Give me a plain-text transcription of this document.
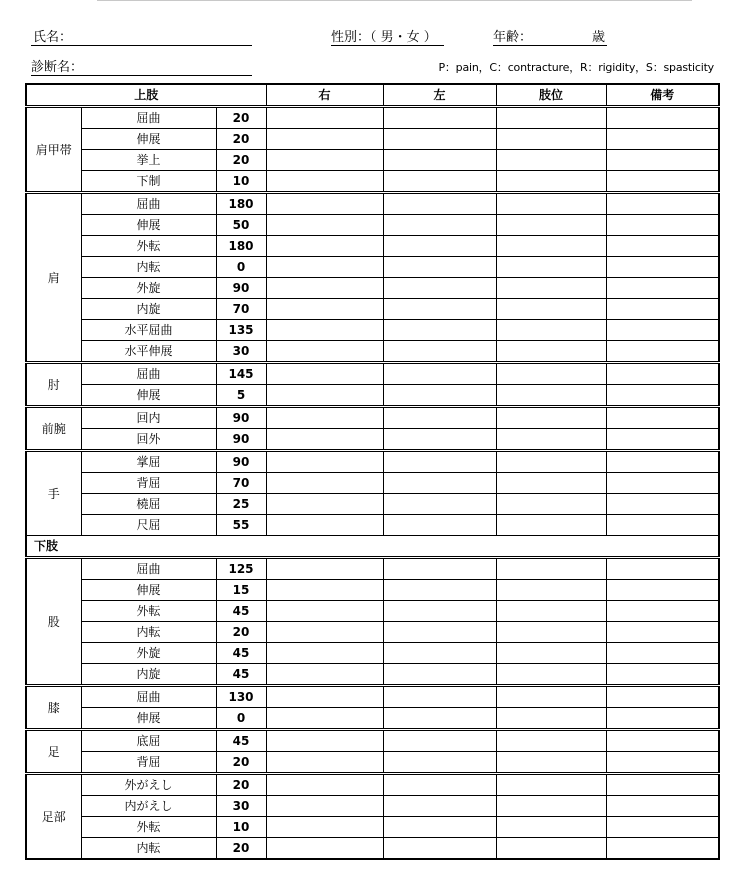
氏名：	性別：（ 男・女 ）	年齢：	歳
診断名：	P：pain，C：contracture，R：rigidity，S：spasticity
上肢			右	左	肢位	備考
肩甲帯	屈曲	20				
	伸展	20				
	挙上	20				
	下制	10				
肩	屈曲	180				
	伸展	50				
	外転	180				
	内転	0				
	外旋	90				
	内旋	70				
	水平屈曲	135				
	水平伸展	30				
肘	屈曲	145				
	伸展	5				
前腕	回内	90				
	回外	90				
手	掌屈	90				
	背屈	70				
	橈屈	25				
	尺屈	55				
下肢						
股	屈曲	125				
	伸展	15				
	外転	45				
	内転	20				
	外旋	45				
	内旋	45				
膝	屈曲	130				
	伸展	0				
足	底屈	45				
	背屈	20				
足部	外がえし	20				
	内がえし	30				
	外転	10				
	内転	20				
